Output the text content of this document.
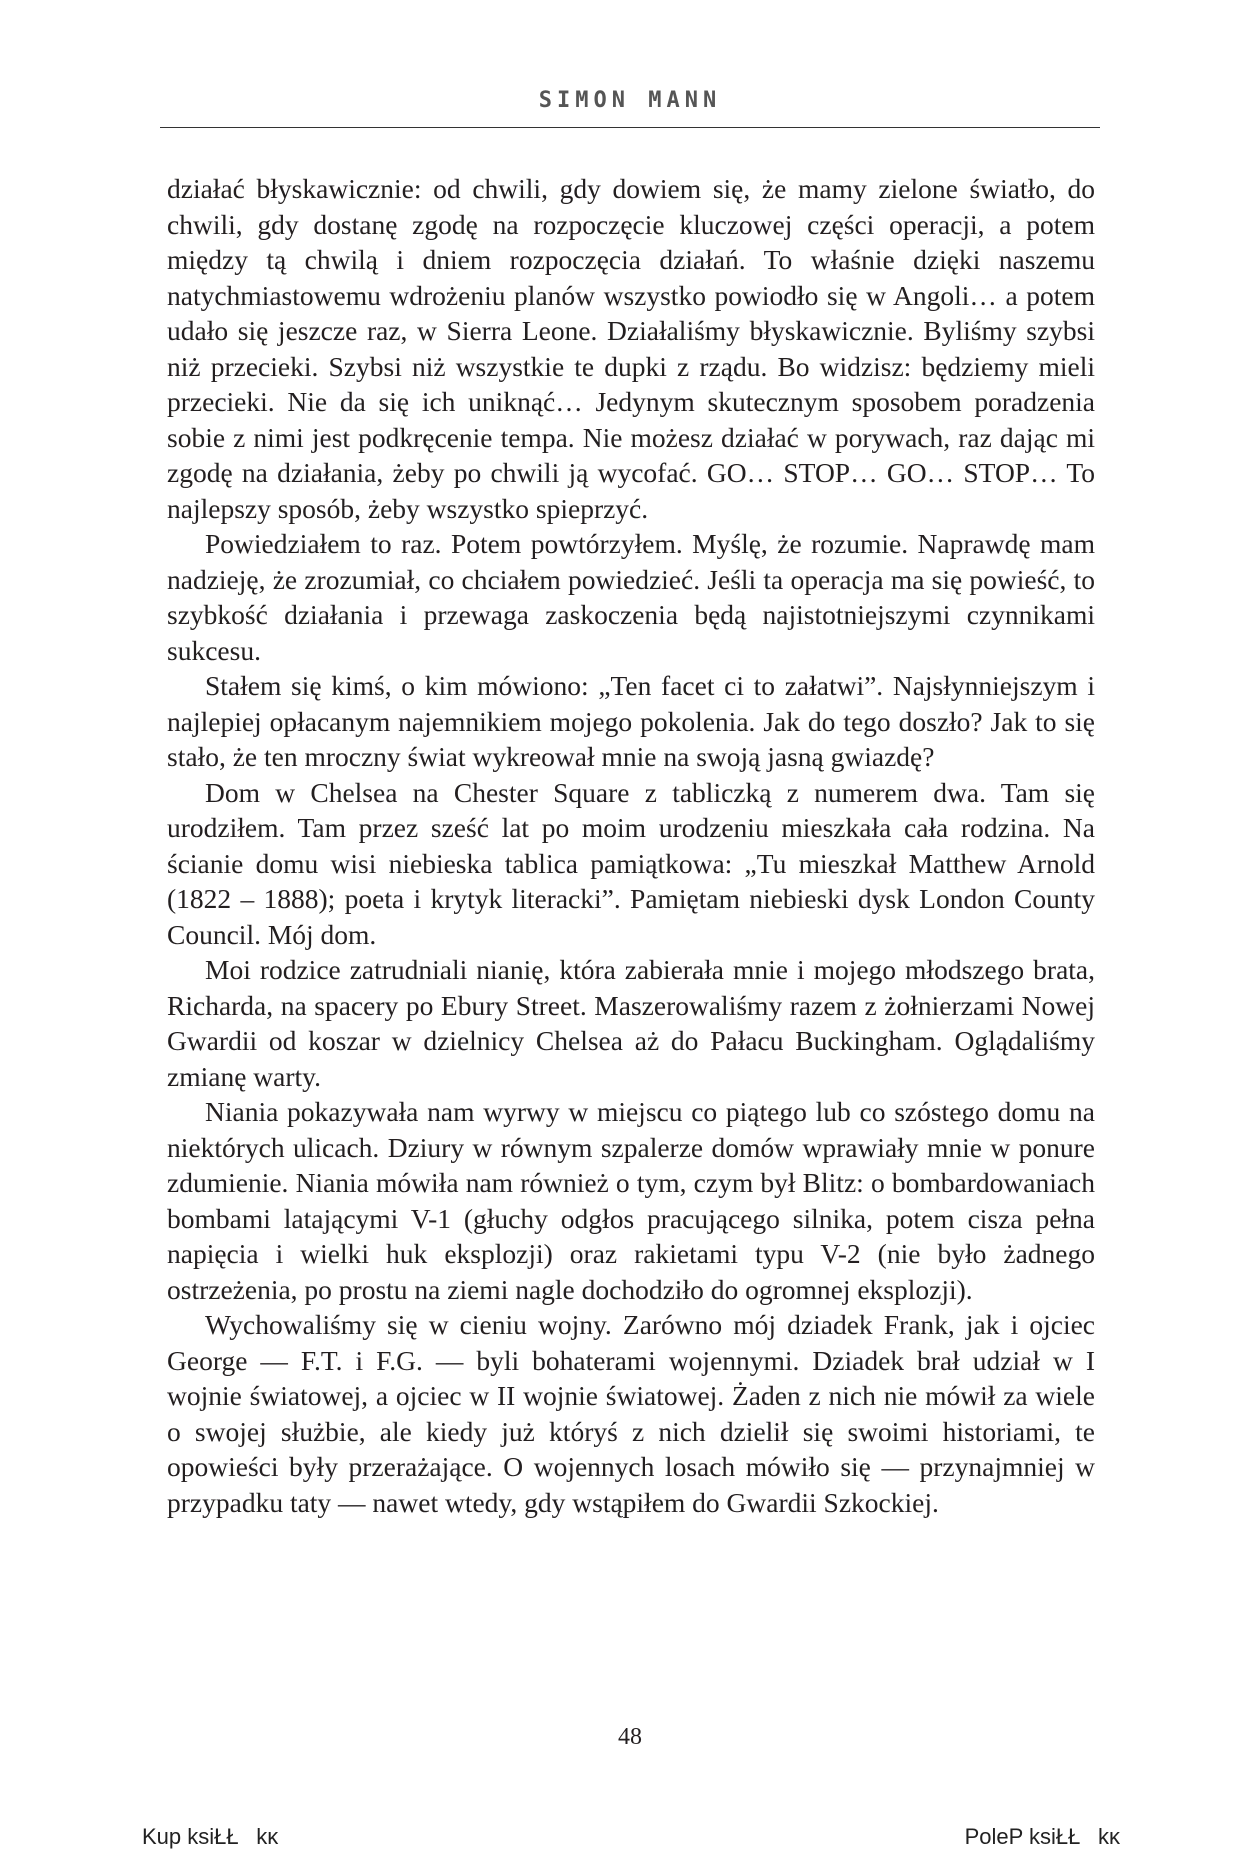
SIMON MANN

działać błyskawicznie: od chwili, gdy dowiem się, że mamy zielone światło, do chwili, gdy dostanę zgodę na rozpoczęcie kluczowej części operacji, a potem między tą chwilą i dniem rozpoczęcia działań. To właśnie dzięki naszemu natychmiastowemu wdrożeniu planów wszystko powiodło się w Angoli… a potem udało się jeszcze raz, w Sierra Leone. Działaliśmy błyskawicznie. Byliśmy szybsi niż przecieki. Szybsi niż wszystkie te dupki z rządu. Bo widzisz: będziemy mieli przecieki. Nie da się ich uniknąć… Jedynym skutecznym sposobem poradzenia sobie z nimi jest podkręcenie tempa. Nie możesz działać w porywach, raz dając mi zgodę na działania, żeby po chwili ją wycofać. GO… STOP… GO… STOP… To najlepszy sposób, żeby wszystko spieprzyć.

Powiedziałem to raz. Potem powtórzyłem. Myślę, że rozumie. Naprawdę mam nadzieję, że zrozumiał, co chciałem powiedzieć. Jeśli ta operacja ma się powieść, to szybkość działania i przewaga zaskoczenia będą najistotniejszymi czynnikami sukcesu.

Stałem się kimś, o kim mówiono: „Ten facet ci to załatwi”. Najsłynniejszym i najlepiej opłacanym najemnikiem mojego pokolenia. Jak do tego doszło? Jak to się stało, że ten mroczny świat wykreował mnie na swoją jasną gwiazdę?

Dom w Chelsea na Chester Square z tabliczką z numerem dwa. Tam się urodziłem. Tam przez sześć lat po moim urodzeniu mieszkała cała rodzina. Na ścianie domu wisi niebieska tablica pamiątkowa: „Tu mieszkał Matthew Arnold (1822 – 1888); poeta i krytyk literacki”. Pamiętam niebieski dysk London County Council. Mój dom.

Moi rodzice zatrudniali nianię, która zabierała mnie i mojego młodszego brata, Richarda, na spacery po Ebury Street. Maszerowaliśmy razem z żołnierzami Nowej Gwardii od koszar w dzielnicy Chelsea aż do Pałacu Buckingham. Oglądaliśmy zmianę warty.

Niania pokazywała nam wyrwy w miejscu co piątego lub co szóstego domu na niektórych ulicach. Dziury w równym szpalerze domów wprawiały mnie w ponure zdumienie. Niania mówiła nam również o tym, czym był Blitz: o bombardowaniach bombami latającymi V-1 (głuchy odgłos pracującego silnika, potem cisza pełna napięcia i wielki huk eksplozji) oraz rakietami typu V-2 (nie było żadnego ostrzeżenia, po prostu na ziemi nagle dochodziło do ogromnej eksplozji).

Wychowaliśmy się w cieniu wojny. Zarówno mój dziadek Frank, jak i ojciec George — F.T. i F.G. — byli bohaterami wojennymi. Dziadek brał udział w I wojnie światowej, a ojciec w II wojnie światowej. Żaden z nich nie mówił za wiele o swojej służbie, ale kiedy już któryś z nich dzielił się swoimi historiami, te opowieści były przerażające. O wojennych losach mówiło się — przynajmniej w przypadku taty — nawet wtedy, gdy wstąpiłem do Gwardii Szkockiej.

48
Kup ksiŁŁkĸ	PoleP ksiŁŁkĸ
